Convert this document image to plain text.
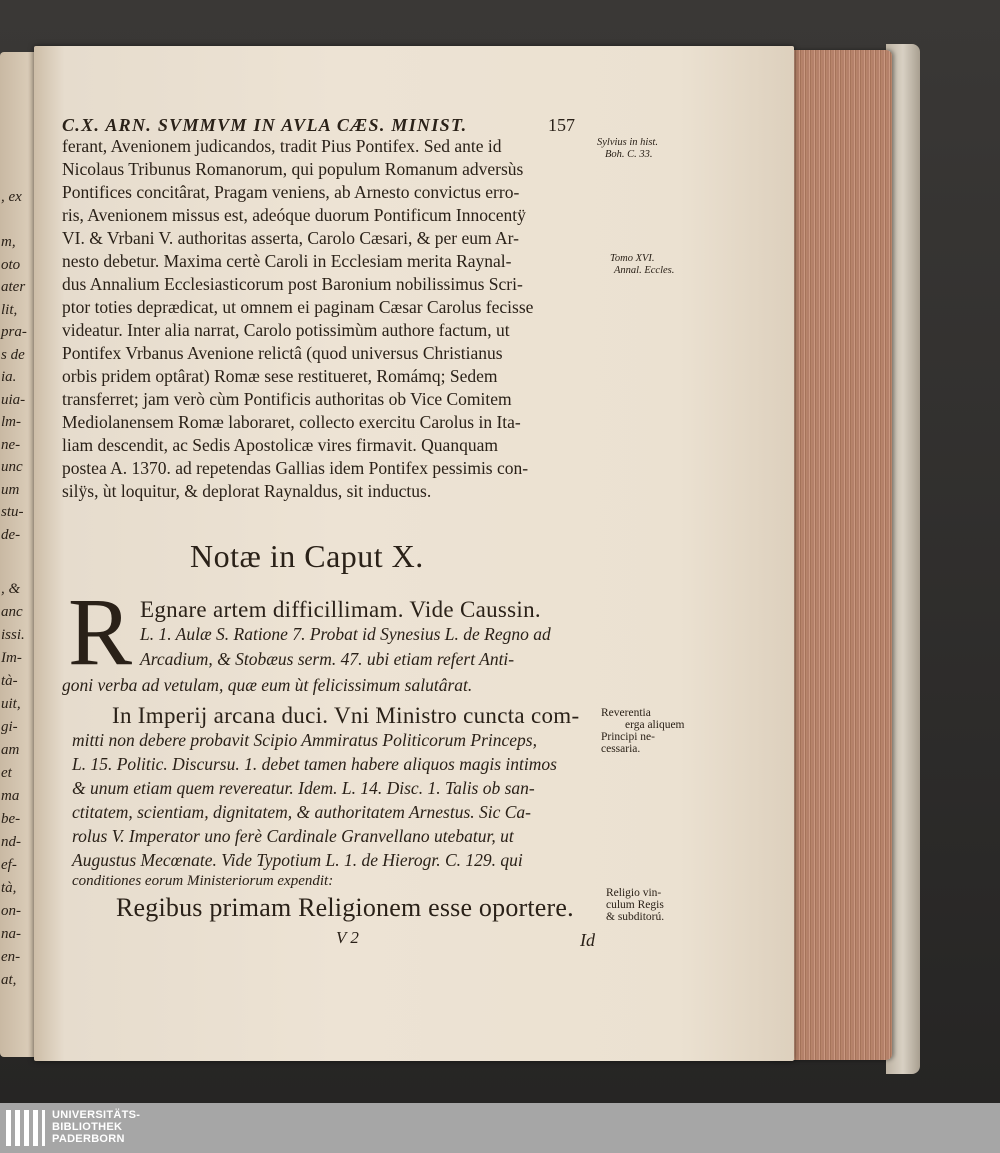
, ex
m,
oto
ater
lit,
pra-
s de
ia.
uia-
lm-
ne-
unc
um
stu-
de-
, &
anc
issi.
Im-
tà-
uit,
gi-
am
et
ma
be-
nd-
ef-
tà,
on-
na-
en-
at,
C.X. ARN. SVMMVM IN AVLA CÆS. MINIST.	157
ferant, Avenionem judicandos, tradit Pius Pontifex. Sed ante id
Nicolaus Tribunus Romanorum, qui populum Romanum adversùs
Pontifices concitârat, Pragam veniens, ab Arnesto convictus erro-
ris, Avenionem missus est, adeóque duorum Pontificum Innocentÿ
VI. & Vrbani V. authoritas asserta, Carolo Cæsari, & per eum Ar-
nesto debetur. Maxima certè Caroli in Ecclesiam merita Raynal-
dus Annalium Ecclesiasticorum post Baronium nobilissimus Scri-
ptor toties deprædicat, ut omnem ei paginam Cæsar Carolus fecisse
videatur. Inter alia narrat, Carolo potissimùm authore factum, ut
Pontifex Vrbanus Avenione relictâ (quod universus Christianus
orbis pridem optârat) Romæ sese restitueret, Romámq; Sedem
transferret; jam verò cùm Pontificis authoritas ob Vice Comitem
Mediolanensem Romæ laboraret, collecto exercitu Carolus in Ita-
liam descendit, ac Sedis Apostolicæ vires firmavit. Quanquam
postea A. 1370. ad repetendas Gallias idem Pontifex pessimis con-
silÿs, ùt loquitur, & deplorat Raynaldus, sit inductus.
Sylvius in hist.
Boh. C. 33.
Tomo XVI.
Annal. Eccles.
Notæ in Caput X.
R Egnare artem difficillimam. Vide Caussin.
L. 1. Aulæ S. Ratione 7. Probat id Synesius L. de Regno ad
Arcadium, & Stobæus serm. 47. ubi etiam refert Anti-
goni verba ad vetulam, quæ eum ùt felicissimum salutârat.
In Imperij arcana duci. Vni Ministro cuncta com-
mitti non debere probavit Scipio Ammiratus Politicorum Princeps,
L. 15. Politic. Discursu. 1. debet tamen habere aliquos magis intimos
& unum etiam quem revereatur. Idem. L. 14. Disc. 1. Talis ob san-
ctitatem, scientiam, dignitatem, & authoritatem Arnestus. Sic Ca-
rolus V. Imperator uno ferè Cardinale Granvellano utebatur, ut
Augustus Mecœnate. Vide Typotium L. 1. de Hierogr. C. 129. qui
conditiones eorum Ministeriorum expendit:
Regibus primam Religionem esse oportere.
Reverentia
erga aliquem
Principi ne-
cessaria.
Religio vin-
culum Regis
& subditorú.
V 2	Id
UNIVERSITÄTS-
BIBLIOTHEK
PADERBORN
